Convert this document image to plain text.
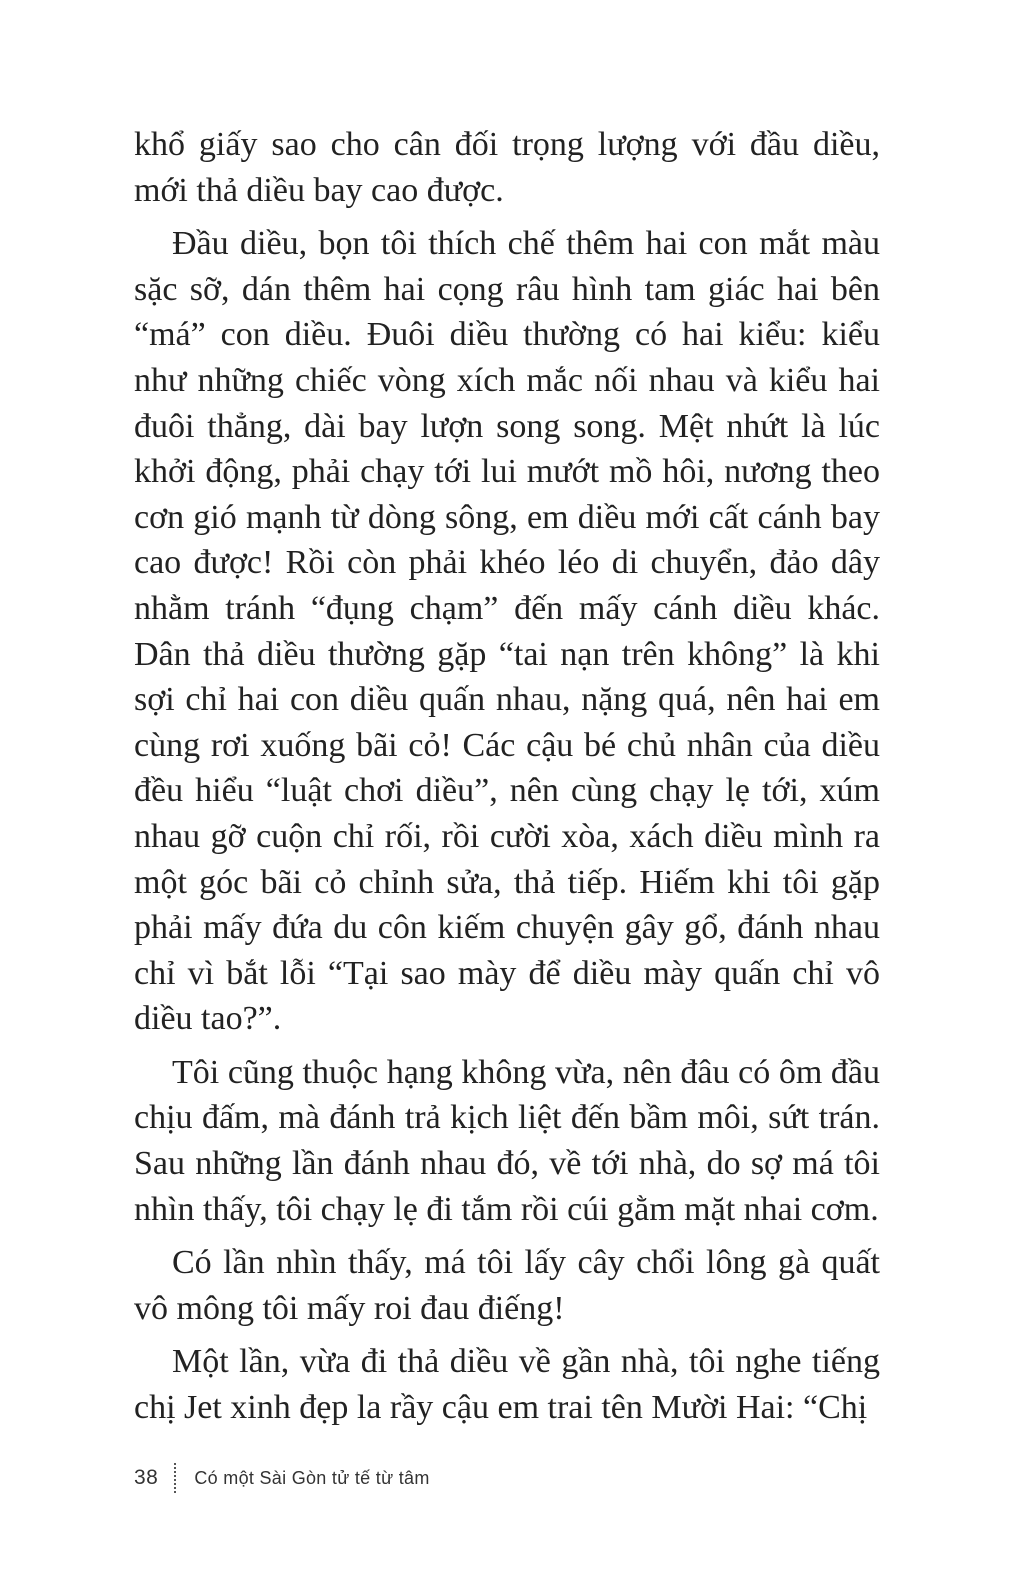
khổ giấy sao cho cân đối trọng lượng với đầu diều, mới thả diều bay cao được.

Đầu diều, bọn tôi thích chế thêm hai con mắt màu sặc sỡ, dán thêm hai cọng râu hình tam giác hai bên “má” con diều. Đuôi diều thường có hai kiểu: kiểu như những chiếc vòng xích mắc nối nhau và kiểu hai đuôi thẳng, dài bay lượn song song. Mệt nhứt là lúc khởi động, phải chạy tới lui mướt mồ hôi, nương theo cơn gió mạnh từ dòng sông, em diều mới cất cánh bay cao được! Rồi còn phải khéo léo di chuyển, đảo dây nhằm tránh “đụng chạm” đến mấy cánh diều khác. Dân thả diều thường gặp “tai nạn trên không” là khi sợi chỉ hai con diều quấn nhau, nặng quá, nên hai em cùng rơi xuống bãi cỏ! Các cậu bé chủ nhân của diều đều hiểu “luật chơi diều”, nên cùng chạy lẹ tới, xúm nhau gỡ cuộn chỉ rối, rồi cười xòa, xách diều mình ra một góc bãi cỏ chỉnh sửa, thả tiếp. Hiếm khi tôi gặp phải mấy đứa du côn kiếm chuyện gây gổ, đánh nhau chỉ vì bắt lỗi “Tại sao mày để diều mày quấn chỉ vô diều tao?”.

Tôi cũng thuộc hạng không vừa, nên đâu có ôm đầu chịu đấm, mà đánh trả kịch liệt đến bầm môi, sứt trán. Sau những lần đánh nhau đó, về tới nhà, do sợ má tôi nhìn thấy, tôi chạy lẹ đi tắm rồi cúi gằm mặt nhai cơm.

Có lần nhìn thấy, má tôi lấy cây chổi lông gà quất vô mông tôi mấy roi đau điếng!

Một lần, vừa đi thả diều về gần nhà, tôi nghe tiếng chị Jet xinh đẹp la rầy cậu em trai tên Mười Hai: “Chị

38 Có một Sài Gòn tử tế từ tâm
